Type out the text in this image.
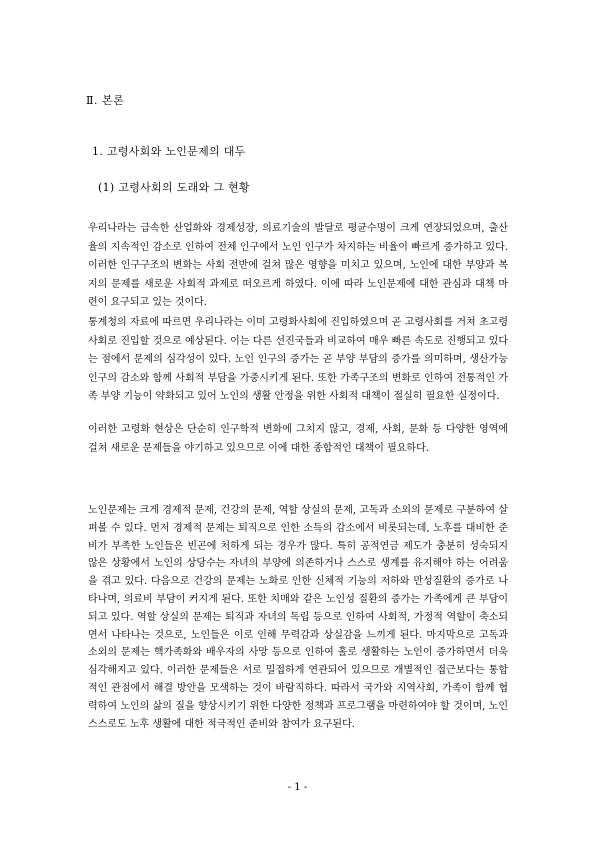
Ⅱ. 본론
1. 고령사회와 노인문제의 대두
(1) 고령사회의 도래와 그 현황

우리나라는 급속한 산업화와 경제성장, 의료기술의 발달로 평균수명이 크게 연장되었으며, 출산율의 지속적인 감소로 인하여 전체 인구에서 노인 인구가 차지하는 비율이 빠르게 증가하고 있다. 이러한 인구구조의 변화는 사회 전반에 걸쳐 많은 영향을 미치고 있으며, 노인에 대한 부양과 복지의 문제를 새로운 사회적 과제로 떠오르게 하였다. 이에 따라 노인문제에 대한 관심과 대책 마련이 요구되고 있는 것이다.

통계청의 자료에 따르면 우리나라는 이미 고령화사회에 진입하였으며 곧 고령사회를 거쳐 초고령사회로 진입할 것으로 예상된다. 이는 다른 선진국들과 비교하여 매우 빠른 속도로 진행되고 있다는 점에서 문제의 심각성이 있다. 노인 인구의 증가는 곧 부양 부담의 증가를 의미하며, 생산가능인구의 감소와 함께 사회적 부담을 가중시키게 된다. 또한 가족구조의 변화로 인하여 전통적인 가족 부양 기능이 약화되고 있어 노인의 생활 안정을 위한 사회적 대책이 절실히 필요한 실정이다.

이러한 고령화 현상은 단순히 인구학적 변화에 그치지 않고, 경제, 사회, 문화 등 다양한 영역에 걸쳐 새로운 문제들을 야기하고 있으므로 이에 대한 종합적인 대책이 필요하다.

노인문제는 크게 경제적 문제, 건강의 문제, 역할 상실의 문제, 고독과 소외의 문제로 구분하여 살펴볼 수 있다. 먼저 경제적 문제는 퇴직으로 인한 소득의 감소에서 비롯되는데, 노후를 대비한 준비가 부족한 노인들은 빈곤에 처하게 되는 경우가 많다. 특히 공적연금 제도가 충분히 성숙되지 않은 상황에서 노인의 상당수는 자녀의 부양에 의존하거나 스스로 생계를 유지해야 하는 어려움을 겪고 있다. 다음으로 건강의 문제는 노화로 인한 신체적 기능의 저하와 만성질환의 증가로 나타나며, 의료비 부담이 커지게 된다. 또한 치매와 같은 노인성 질환의 증가는 가족에게 큰 부담이 되고 있다. 역할 상실의 문제는 퇴직과 자녀의 독립 등으로 인하여 사회적, 가정적 역할이 축소되면서 나타나는 것으로, 노인들은 이로 인해 무력감과 상실감을 느끼게 된다. 마지막으로 고독과 소외의 문제는 핵가족화와 배우자의 사망 등으로 인하여 홀로 생활하는 노인이 증가하면서 더욱 심각해지고 있다. 이러한 문제들은 서로 밀접하게 연관되어 있으므로 개별적인 접근보다는 통합적인 관점에서 해결 방안을 모색하는 것이 바람직하다. 따라서 국가와 지역사회, 가족이 함께 협력하여 노인의 삶의 질을 향상시키기 위한 다양한 정책과 프로그램을 마련하여야 할 것이며, 노인 스스로도 노후 생활에 대한 적극적인 준비와 참여가 요구된다.

- 1 -
